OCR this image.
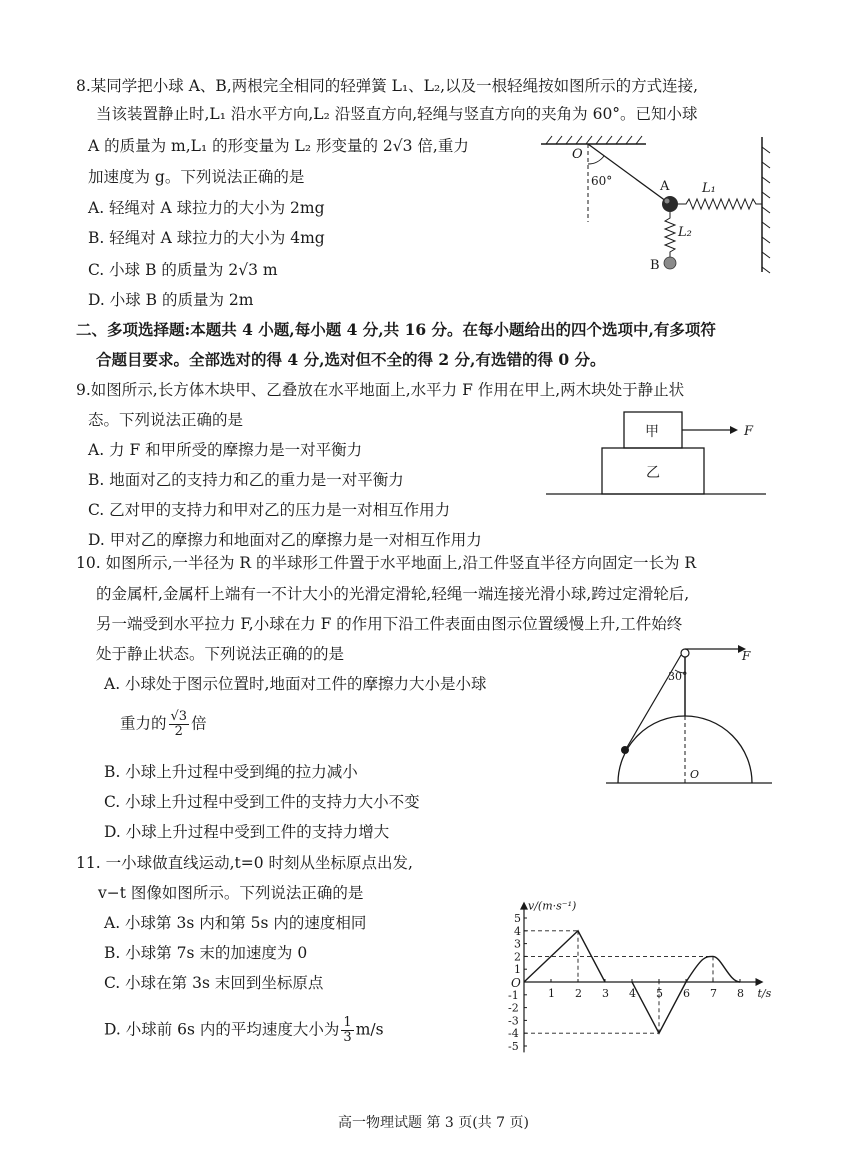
8.某同学把小球 A、B,两根完全相同的轻弹簧 L₁、L₂,以及一根轻绳按如图所示的方式连接,
当该装置静止时,L₁ 沿水平方向,L₂ 沿竖直方向,轻绳与竖直方向的夹角为 60°。已知小球
A 的质量为 m,L₁ 的形变量为 L₂ 形变量的 2√3 倍,重力
加速度为 g。下列说法正确的是
A. 轻绳对 A 球拉力的大小为 2mg
B. 轻绳对 A 球拉力的大小为 4mg
C. 小球 B 的质量为 2√3 m
D. 小球 B 的质量为 2m
O
60°	A	L₁
L₂
B
二、多项选择题:本题共 4 小题,每小题 4 分,共 16 分。在每小题给出的四个选项中,有多项符
合题目要求。全部选对的得 4 分,选对但不全的得 2 分,有选错的得 0 分。
9.如图所示,长方体木块甲、乙叠放在水平地面上,水平力 F 作用在甲上,两木块处于静止状
态。下列说法正确的是
A. 力 F 和甲所受的摩擦力是一对平衡力
B. 地面对乙的支持力和乙的重力是一对平衡力
C. 乙对甲的支持力和甲对乙的压力是一对相互作用力
D. 甲对乙的摩擦力和地面对乙的摩擦力是一对相互作用力
甲
乙
F
10. 如图所示,一半径为 R 的半球形工件置于水平地面上,沿工件竖直半径方向固定一长为 R
的金属杆,金属杆上端有一不计大小的光滑定滑轮,轻绳一端连接光滑小球,跨过定滑轮后,
另一端受到水平拉力 F,小球在力 F 的作用下沿工件表面由图示位置缓慢上升,工件始终
处于静止状态。下列说法正确的的是
A. 小球处于图示位置时,地面对工件的摩擦力大小是小球
重力的 $\frac{√3}{2}$ 倍
B. 小球上升过程中受到绳的拉力减小
C. 小球上升过程中受到工件的支持力大小不变
D. 小球上升过程中受到工件的支持力增大
F
30°
O
11. 一小球做直线运动,t=0 时刻从坐标原点出发,
v−t 图像如图所示。下列说法正确的是
A. 小球第 3s 内和第 5s 内的速度相同
B. 小球第 7s 末的加速度为 0
C. 小球在第 3s 末回到坐标原点
D. 小球前 6s 内的平均速度大小为 $\frac{1}{3} m/s$
1 2 3 4 5 6 7 8
5
4
3
2
1
-1
-2
-3
-4
-5
O
v/(m·s⁻¹)
t/s
高一物理试题 第 3 页(共 7 页)
